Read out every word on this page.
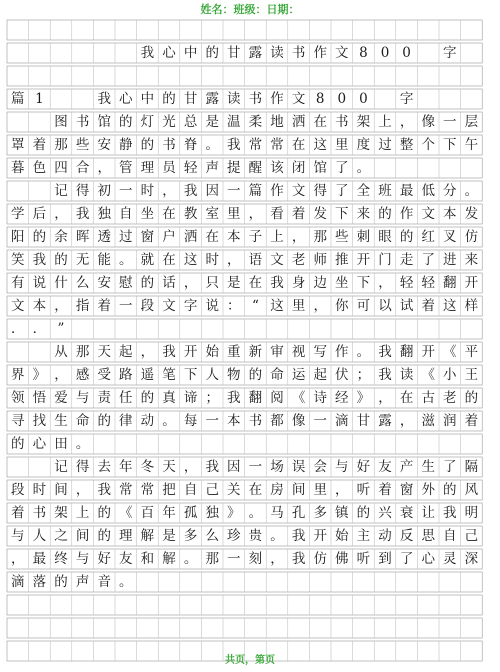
姓名：班级：日期：

我 心 中 的 甘 露 读 书 作 文 8 0 0
　	字
篇 1

　	我 心 中 的 甘 露 读 书 作 文 8 0 0
　	字

图 书 馆 的 灯 光 总 是 温 柔 地 洒 在 书 架 上 ， 像 一 层
罩 着 那 些 安 静 的 书 脊 。 我 常 常 在 这 里 度 过 整 个 下 午
暮 色 四 合 ， 管 理 员 轻 声 提 醒 该 闭 馆 了 。

记 得 初 一 时 ， 我 因 一 篇 作 文 得 了 全 班 最 低 分 。
学 后 ， 我 独 自 坐 在 教 室 里 ， 看 着 发 下 来 的 作 文 本 发
阳 的 余 晖 透 过 窗 户 洒 在 本 子 上 ， 那 些 刺 眼 的 红 叉 仿
笑 我 的 无 能 。 就 在 这 时 ， 语 文 老 师 推 开 门 走 了 进 来
有 说 什 么 安 慰 的 话 ， 只 是 在 我 身 边 坐 下 ， 轻 轻 翻 开
文 本 ， 指 着 一 段 文 字 说 ： “ 这 里 ， 你 可 以 试 着 这 样
． ． ”

从 那 天 起 ， 我 开 始 重 新 审 视 写 作 。 我 翻 开 《 平
界 》 ， 感 受 路 遥 笔 下 人 物 的 命 运 起 伏 ； 我 读 《 小 王
领 悟 爱 与 责 任 的 真 谛 ； 我 翻 阅 《 诗 经 》 ， 在 古 老 的
寻 找 生 命 的 律 动 。 每 一 本 书 都 像 一 滴 甘 露 ， 滋 润 着
的 心 田 。

记 得 去 年 冬 天 ， 我 因 一 场 误 会 与 好 友 产 生 了 隔
段 时 间 ， 我 常 常 把 自 己 关 在 房 间 里 ， 听 着 窗 外 的 风
着 书 架 上 的 《 百 年 孤 独 》 。 马 孔 多 镇 的 兴 衰 让 我 明
与 人 之 间 的 理 解 是 多 么 珍 贵 。 我 开 始 主 动 反 思 自 己
， 最 终 与 好 友 和 解 。 那 一 刻 ， 我 仿 佛 听 到 了 心 灵 深
滴 落 的 声 音 。
共页，第页
